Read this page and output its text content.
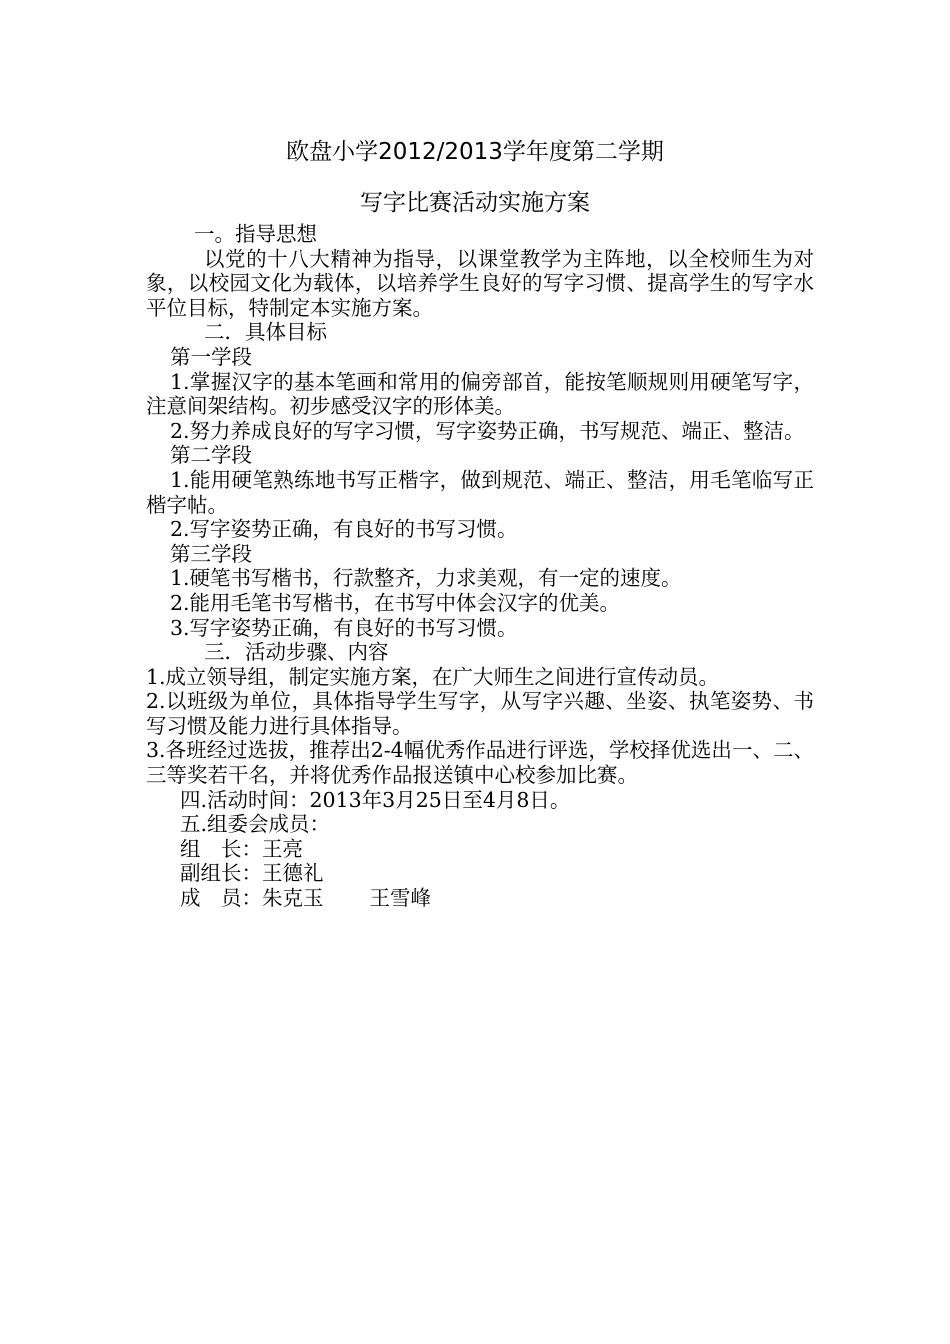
欧盘小学2012/2013学年度第二学期
写字比赛活动实施方案
一。指导思想
以党的十八大精神为指导，以课堂教学为主阵地，以全校师生为对象，以校园文化为载体，以培养学生良好的写字习惯、提高学生的写字水平位目标，特制定本实施方案。
二．具体目标
第一学段
1.掌握汉字的基本笔画和常用的偏旁部首，能按笔顺规则用硬笔写字，注意间架结构。初步感受汉字的形体美。
2.努力养成良好的写字习惯，写字姿势正确，书写规范、端正、整洁。
第二学段
1.能用硬笔熟练地书写正楷字，做到规范、端正、整洁，用毛笔临写正楷字帖。
2.写字姿势正确，有良好的书写习惯。
第三学段
1.硬笔书写楷书，行款整齐，力求美观，有一定的速度。
2.能用毛笔书写楷书，在书写中体会汉字的优美。
3.写字姿势正确，有良好的书写习惯。
三．活动步骤、内容
1.成立领导组，制定实施方案，在广大师生之间进行宣传动员。
2.以班级为单位，具体指导学生写字，从写字兴趣、坐姿、执笔姿势、书写习惯及能力进行具体指导。
3.各班经过选拔，推荐出2-4幅优秀作品进行评选，学校择优选出一、二、三等奖若干名，并将优秀作品报送镇中心校参加比赛。
四.活动时间：2013年3月25日至4月8日。
五.组委会成员：
组　长：王亮
副组长：王德礼
成　员：朱克玉 王雪峰
